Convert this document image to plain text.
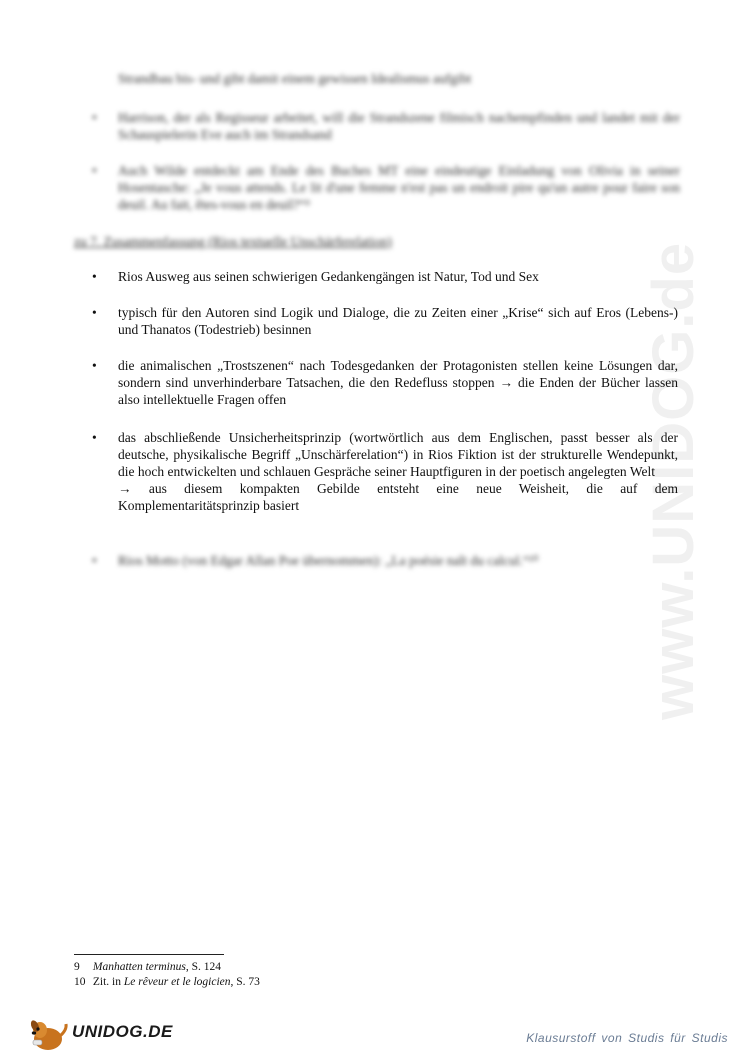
www.UNIDOG.de
Strandbau bis- und gibt damit einem gewissen Idealismus aufgibt
•	Harrison, der als Regisseur arbeitet, will die Strandszene filmisch nachempfinden und landet mit der Schauspielerin Eve auch im Strandsand
•	Auch Wilde entdeckt am Ende des Buches MT eine eindeutige Einladung von Olivia in seiner Hosentasche: „Je vous attends. Le lit d'une femme n'est pas un endroit pire qu'un autre pour faire son deuil. Au fait, êtes-vous en deuil?“⁹
zu 7. Zusammenfassung (Rios textuelle Unschärferelation)
• Rios Ausweg aus seinen schwierigen Gedankengängen ist Natur, Tod und Sex
• typisch für den Autoren sind Logik und Dialoge, die zu Zeiten einer „Krise“ sich auf Eros (Lebens-) und Thanatos (Todestrieb) besinnen
• die animalischen „Trostszenen“ nach Todesgedanken der Protagonisten stellen keine Lösungen dar, sondern sind unverhinderbare Tatsachen, die den Redefluss stoppen → die Enden der Bücher lassen also intellektuelle Fragen offen
• das abschließende Unsicherheitsprinzip (wortwörtlich aus dem Englischen, passt besser als der deutsche, physikalische Begriff „Unschärferelation“) in Rios Fiktion ist der strukturelle Wendepunkt, die hoch entwickelten und schlauen Gespräche seiner Hauptfiguren in der poetisch angelegten Welt

→ aus diesem kompakten Gebilde entsteht eine neue Weisheit, die auf dem

Komplementaritätsprinzip basiert

• Rios Motto (von Edgar Allan Poe übernommen): „La poésie naît du calcul.“¹⁰
9 Manhatten terminus, S. 124
10 Zit. in Le rêveur et le logicien, S. 73
UNIDOG.DE	Klausurstoff von Studis für Studis
